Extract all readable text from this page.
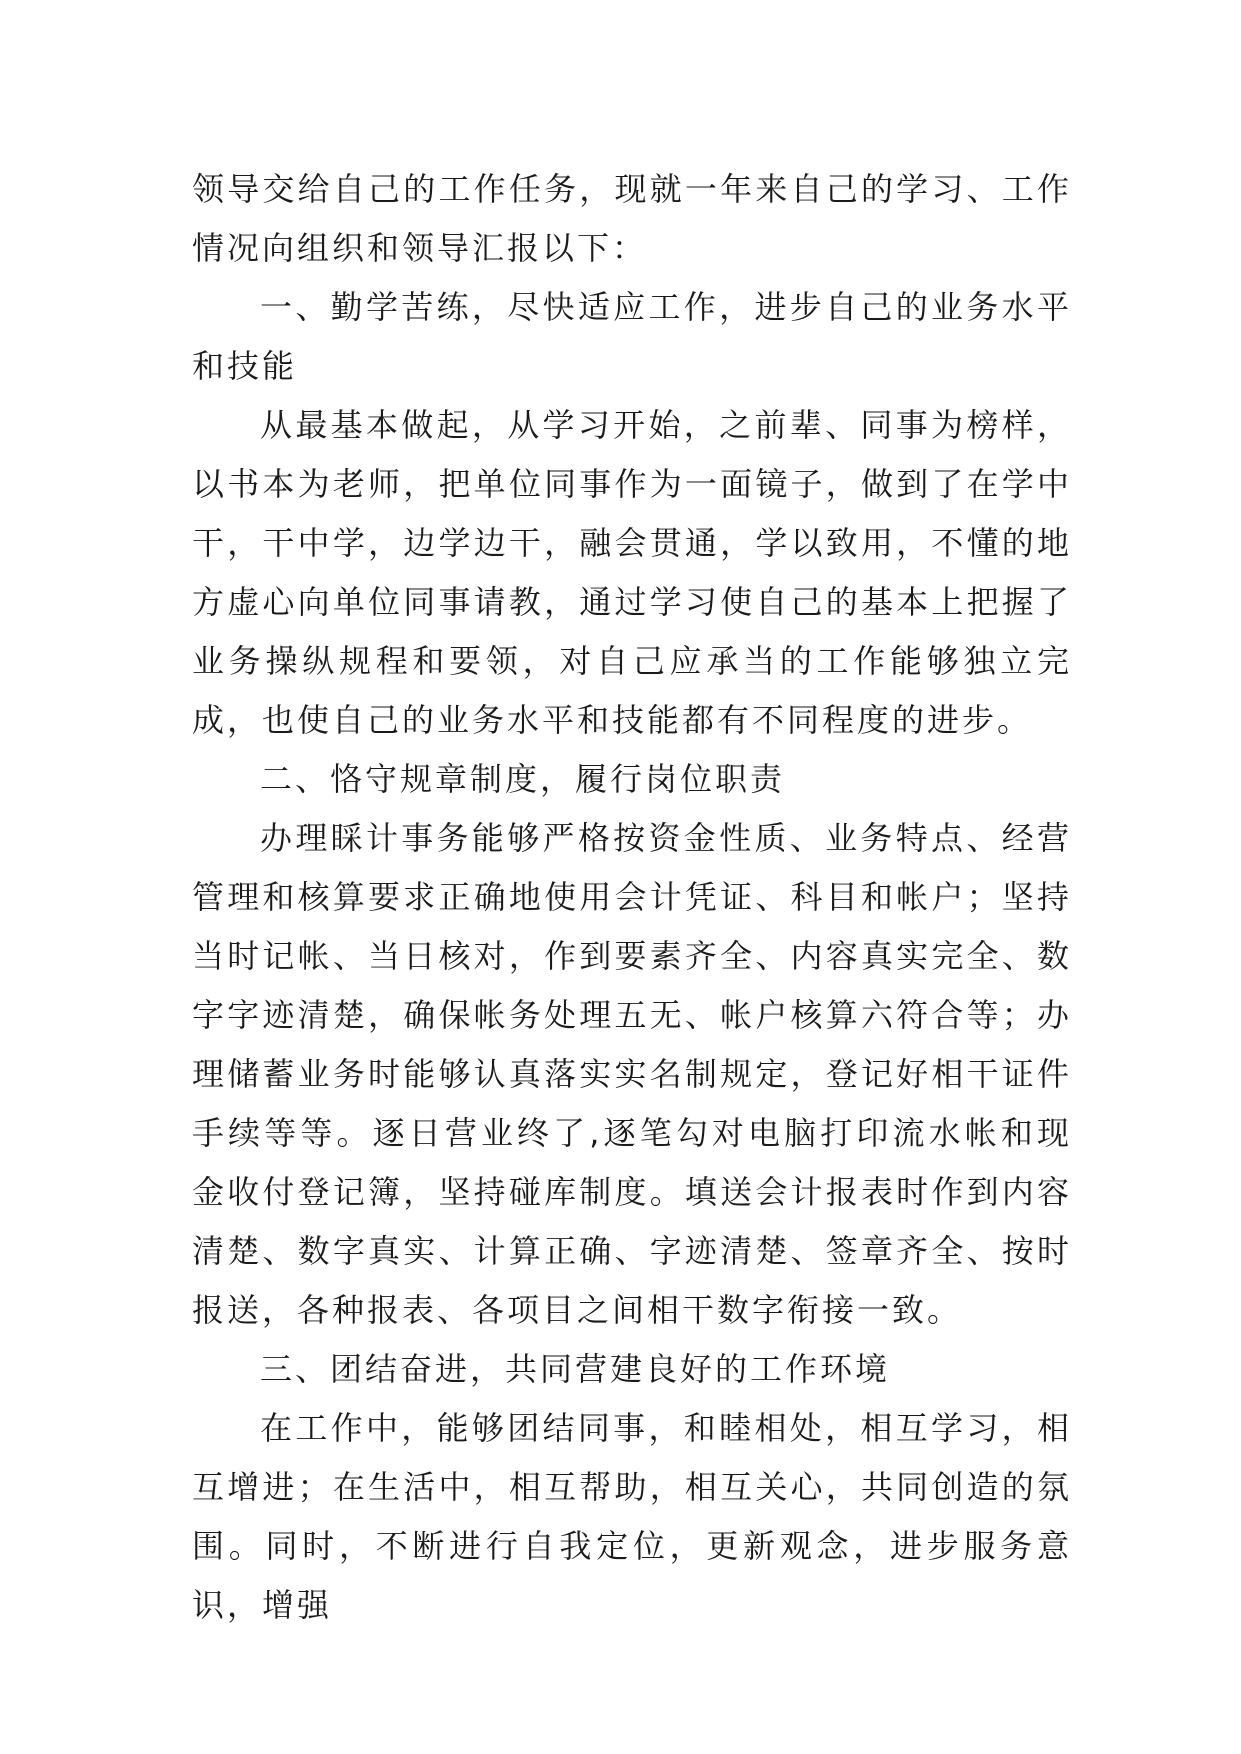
领导交给自己的工作任务，现就一年来自己的学习、工作情况向组织和领导汇报以下：

一、勤学苦练，尽快适应工作，进步自己的业务水平和技能

从最基本做起，从学习开始，之前辈、同事为榜样，以书本为老师，把单位同事作为一面镜子，做到了在学中干，干中学，边学边干，融会贯通，学以致用，不懂的地方虚心向单位同事请教，通过学习使自己的基本上把握了业务操纵规程和要领，对自己应承当的工作能够独立完成，也使自己的业务水平和技能都有不同程度的进步。

二、恪守规章制度，履行岗位职责

办理睬计事务能够严格按资金性质、业务特点、经营管理和核算要求正确地使用会计凭证、科目和帐户；坚持当时记帐、当日核对，作到要素齐全、内容真实完全、数字字迹清楚，确保帐务处理五无、帐户核算六符合等；办理储蓄业务时能够认真落实实名制规定，登记好相干证件手续等等。逐日营业终了,逐笔勾对电脑打印流水帐和现金收付登记簿，坚持碰库制度。填送会计报表时作到内容清楚、数字真实、计算正确、字迹清楚、签章齐全、按时报送，各种报表、各项目之间相干数字衔接一致。

三、团结奋进，共同营建良好的工作环境

在工作中，能够团结同事，和睦相处，相互学习，相互增进；在生活中，相互帮助，相互关心，共同创造的氛围。同时，不断进行自我定位，更新观念，进步服务意识，增强
